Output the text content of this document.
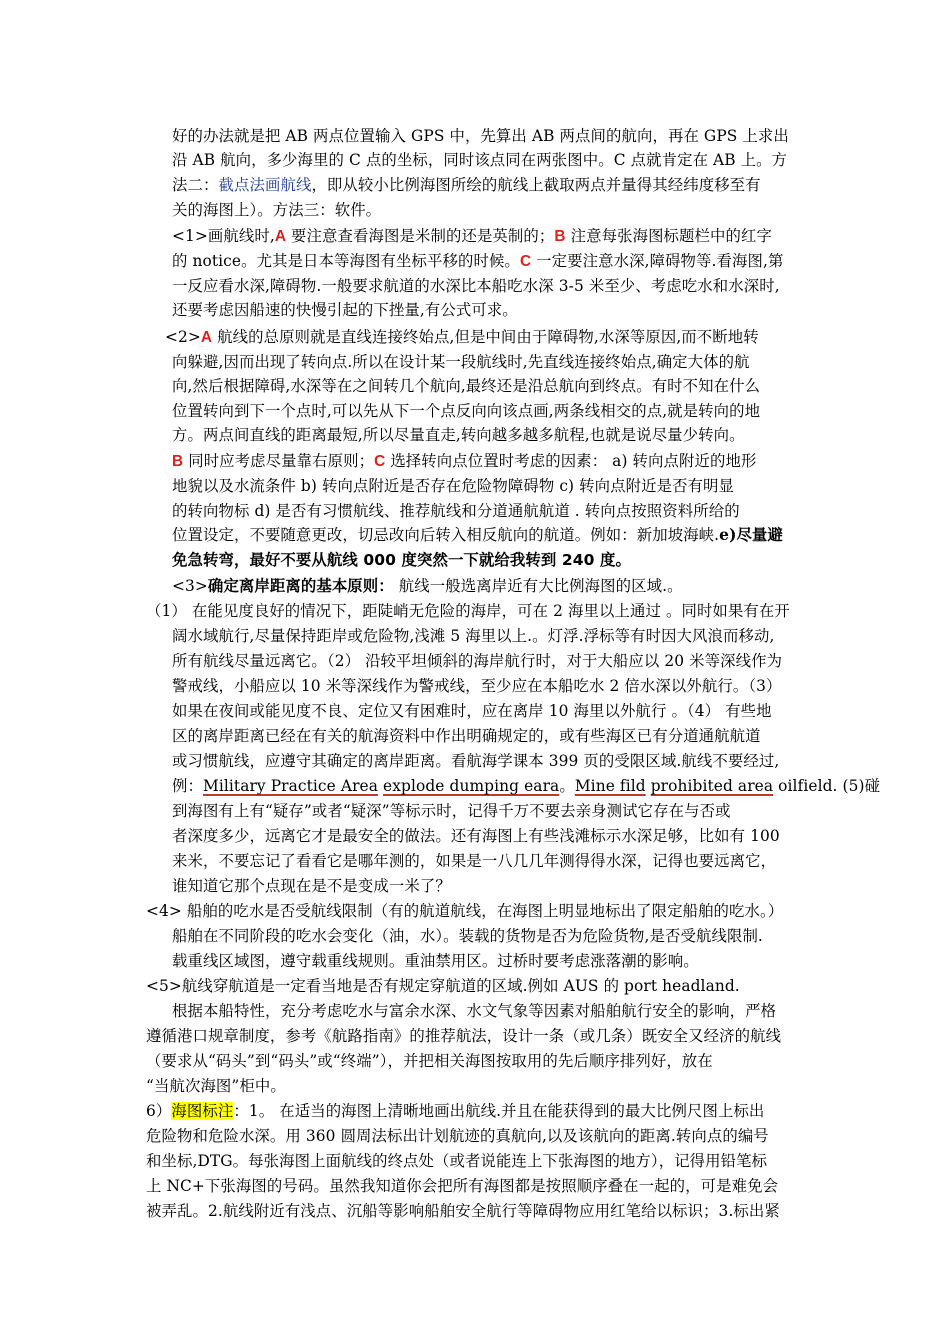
好的办法就是把 AB 两点位置输入 GPS 中，先算出 AB 两点间的航向，再在 GPS 上求出
沿 AB 航向，多少海里的 C 点的坐标，同时该点同在两张图中。C 点就肯定在 AB 上。方
法二：截点法画航线，即从较小比例海图所绘的航线上截取两点并量得其经纬度移至有
关的海图上）。方法三：软件。
<1>画航线时,A 要注意查看海图是米制的还是英制的；B 注意每张海图标题栏中的红字
的 notice。尤其是日本等海图有坐标平移的时候。C 一定要注意水深,障碍物等.看海图,第
一反应看水深,障碍物.一般要求航道的水深比本船吃水深 3-5 米至少、考虑吃水和水深时,
还要考虑因船速的快慢引起的下挫量,有公式可求。
<2>A 航线的总原则就是直线连接终始点,但是中间由于障碍物,水深等原因,而不断地转
向躲避,因而出现了转向点.所以在设计某一段航线时,先直线连接终始点,确定大体的航
向,然后根据障碍,水深等在之间转几个航向,最终还是沿总航向到终点。有时不知在什么
位置转向到下一个点时,可以先从下一个点反向向该点画,两条线相交的点,就是转向的地
方。两点间直线的距离最短,所以尽量直走,转向越多越多航程,也就是说尽量少转向。
B 同时应考虑尽量靠右原则；C 选择转向点位置时考虑的因素： a) 转向点附近的地形
地貌以及水流条件 b) 转向点附近是否存在危险物障碍物 c) 转向点附近是否有明显
的转向物标 d) 是否有习惯航线、推荐航线和分道通航航道 . 转向点按照资料所给的
位置设定，不要随意更改，切忌改向后转入相反航向的航道。例如：新加坡海峡.e)尽量避
免急转弯，最好不要从航线 000 度突然一下就给我转到 240 度。
<3>确定离岸距离的基本原则： 航线一般选离岸近有大比例海图的区域.。
（1） 在能见度良好的情况下，距陡峭无危险的海岸，可在 2 海里以上通过 。同时如果有在开
阔水域航行,尽量保持距岸或危险物,浅滩 5 海里以上.。灯浮.浮标等有时因大风浪而移动,
所有航线尽量远离它。（2） 沿较平坦倾斜的海岸航行时，对于大船应以 20 米等深线作为
警戒线，小船应以 10 米等深线作为警戒线，至少应在本船吃水 2 倍水深以外航行。（3）
如果在夜间或能见度不良、定位又有困难时，应在离岸 10 海里以外航行 。（4） 有些地
区的离岸距离已经在有关的航海资料中作出明确规定的，或有些海区已有分道通航航道
或习惯航线，应遵守其确定的离岸距离。看航海学课本 399 页的受限区域.航线不要经过,
例：Military Practice Area explode dumping eara。Mine fild prohibited area oilfield. (5)碰
到海图有上有“疑存”或者“疑深”等标示时，记得千万不要去亲身测试它存在与否或
者深度多少，远离它才是最安全的做法。还有海图上有些浅滩标示水深足够，比如有 100
来米，不要忘记了看看它是哪年测的，如果是一八几几年测得得水深，记得也要远离它，
谁知道它那个点现在是不是变成一米了？
<4> 船舶的吃水是否受航线限制（有的航道航线，在海图上明显地标出了限定船舶的吃水。）
船舶在不同阶段的吃水会变化（油，水）。装载的货物是否为危险货物,是否受航线限制.
载重线区域图，遵守载重线规则。重油禁用区。过桥时要考虑涨落潮的影响。
<5>航线穿航道是一定看当地是否有规定穿航道的区域.例如 AUS 的 port headland.
根据本船特性，充分考虑吃水与富余水深、水文气象等因素对船舶航行安全的影响，严格
遵循港口规章制度，参考《航路指南》的推荐航法，设计一条（或几条）既安全又经济的航线
（要求从“码头”到“码头”或“终端”），并把相关海图按取用的先后顺序排列好，放在
“当航次海图”柜中。
6）海图标注：1。 在适当的海图上清晰地画出航线.并且在能获得到的最大比例尺图上标出
危险物和危险水深。用 360 圆周法标出计划航迹的真航向,以及该航向的距离.转向点的编号
和坐标,DTG。每张海图上面航线的终点处（或者说能连上下张海图的地方），记得用铅笔标
上 NC+下张海图的号码。虽然我知道你会把所有海图都是按照顺序叠在一起的，可是难免会
被弄乱。2.航线附近有浅点、沉船等影响船舶安全航行等障碍物应用红笔给以标识；3.标出紧
